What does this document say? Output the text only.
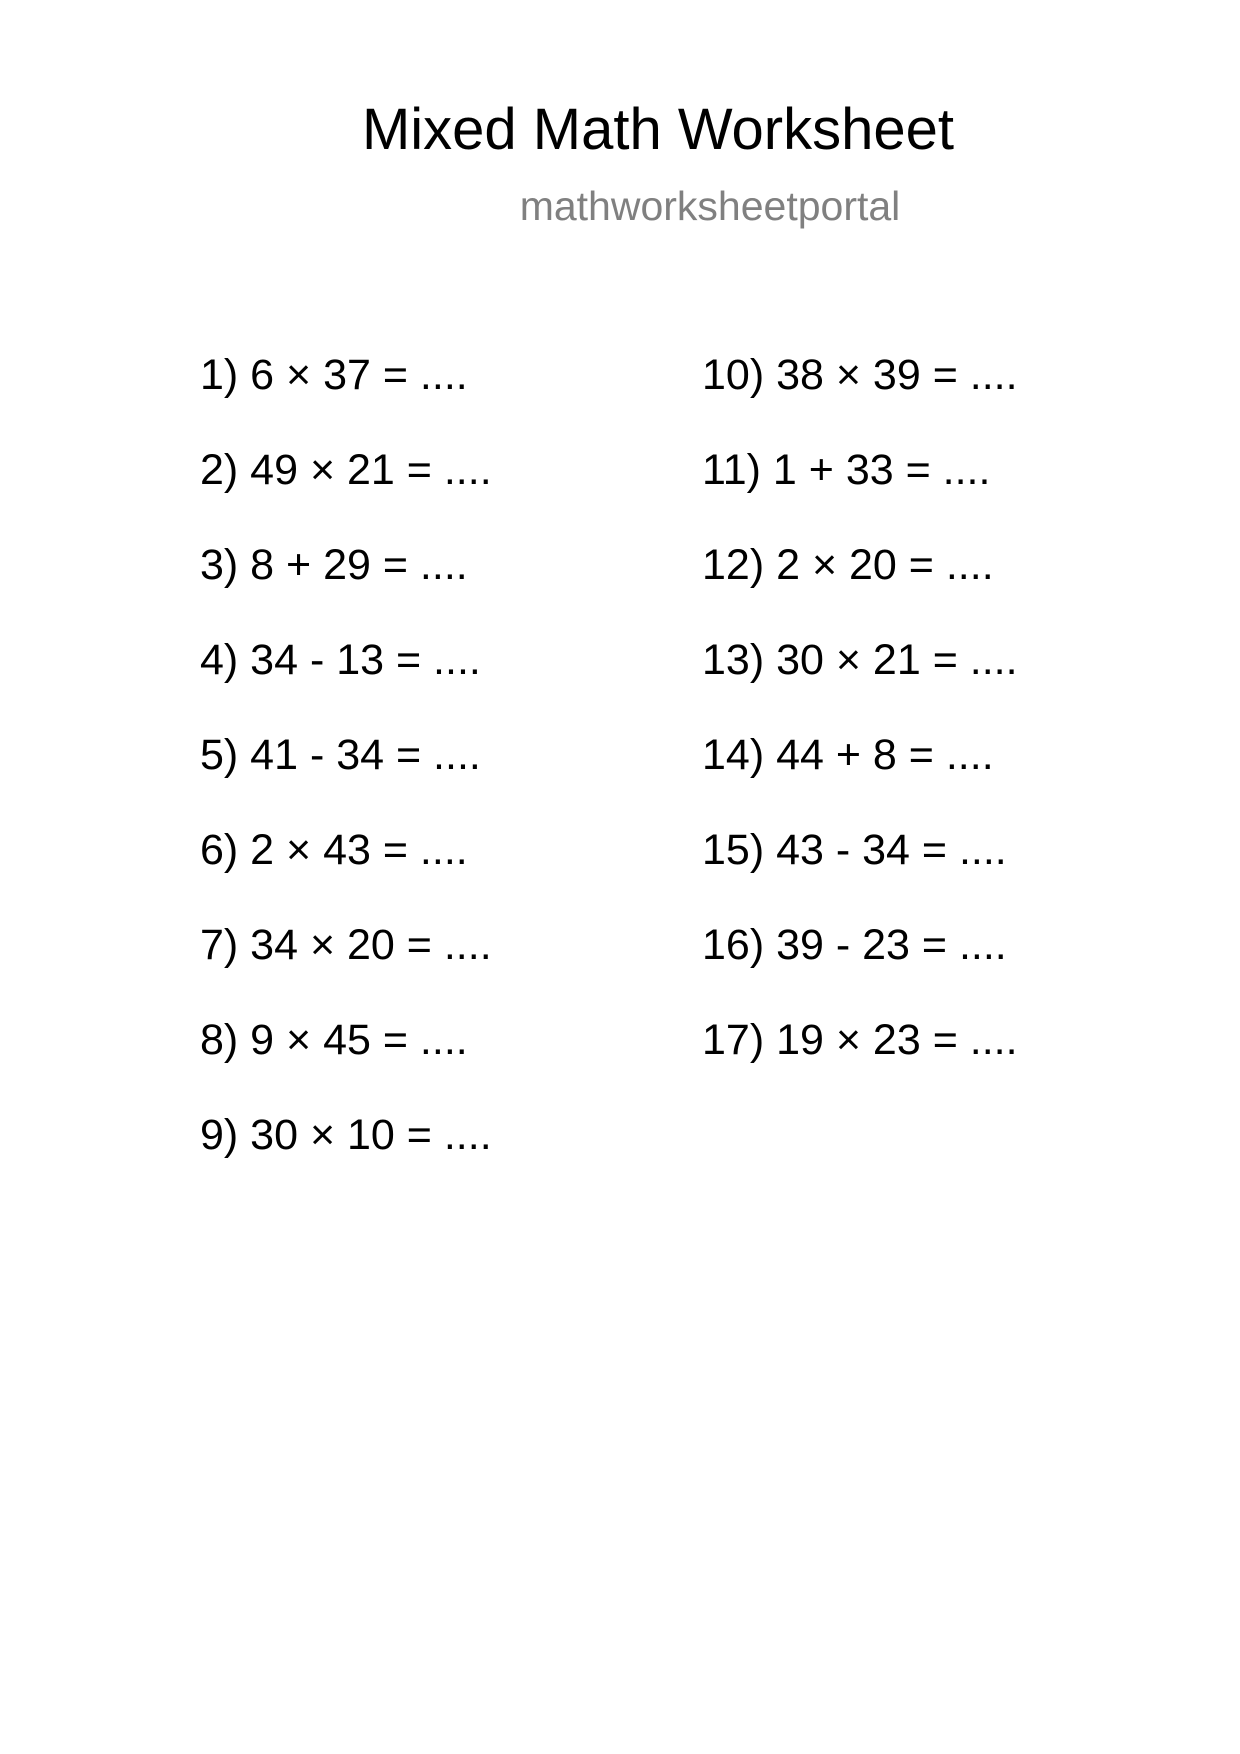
Mixed Math Worksheet
mathworksheetportal
1) 6 × 37 = ....
2) 49 × 21 = ....
3) 8 + 29 = ....
4) 34 - 13 = ....
5) 41 - 34 = ....
6) 2 × 43 = ....
7) 34 × 20 = ....
8) 9 × 45 = ....
9) 30 × 10 = ....
10) 38 × 39 = ....
11) 1 + 33 = ....
12) 2 × 20 = ....
13) 30 × 21 = ....
14) 44 + 8 = ....
15) 43 - 34 = ....
16) 39 - 23 = ....
17) 19 × 23 = ....
